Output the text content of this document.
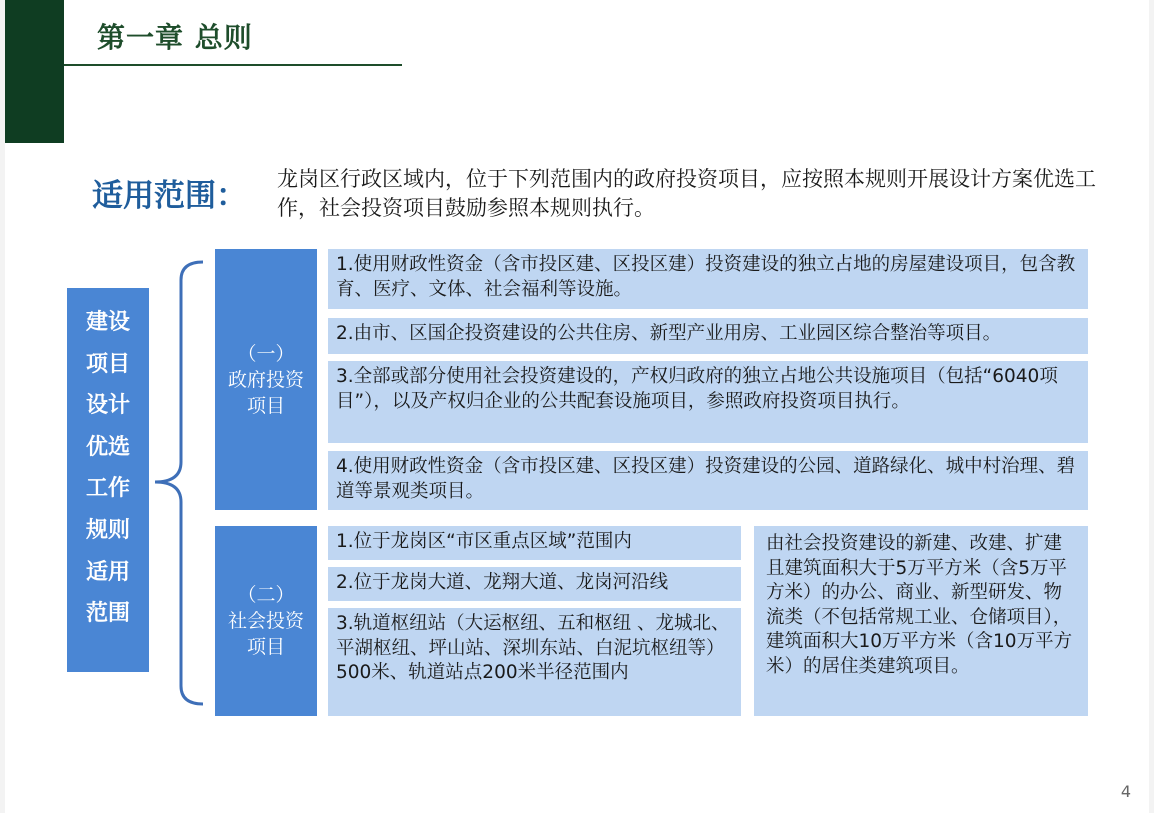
第一章 总则
适用范围： 龙岗区行政区域内，位于下列范围内的政府投资项目，应按照本规则开展设计方案优选工作，社会投资项目鼓励参照本规则执行。
建设
项目
设计
优选
工作
规则
适用
范围
（一）
政府投资
项目
1.使用财政性资金（含市投区建、区投区建）投资建设的独立占地的房屋建设项目，包含教育、医疗、文体、社会福利等设施。
2.由市、区国企投资建设的公共住房、新型产业用房、工业园区综合整治等项目。
3.全部或部分使用社会投资建设的，产权归政府的独立占地公共设施项目（包括“6040项目”），以及产权归企业的公共配套设施项目，参照政府投资项目执行。
4.使用财政性资金（含市投区建、区投区建）投资建设的公园、道路绿化、城中村治理、碧道等景观类项目。
（二）
社会投资
项目
1.位于龙岗区“市区重点区域”范围内
2.位于龙岗大道、龙翔大道、龙岗河沿线
3.轨道枢纽站（大运枢纽、五和枢纽 、龙城北、平湖枢纽、坪山站、深圳东站、白泥坑枢纽等）500米、轨道站点200米半径范围内
由社会投资建设的新建、改建、扩建且建筑面积大于5万平方米（含5万平方米）的办公、商业、新型研发、物流类（不包括常规工业、仓储项目），建筑面积大10万平方米（含10万平方米）的居住类建筑项目。
4
